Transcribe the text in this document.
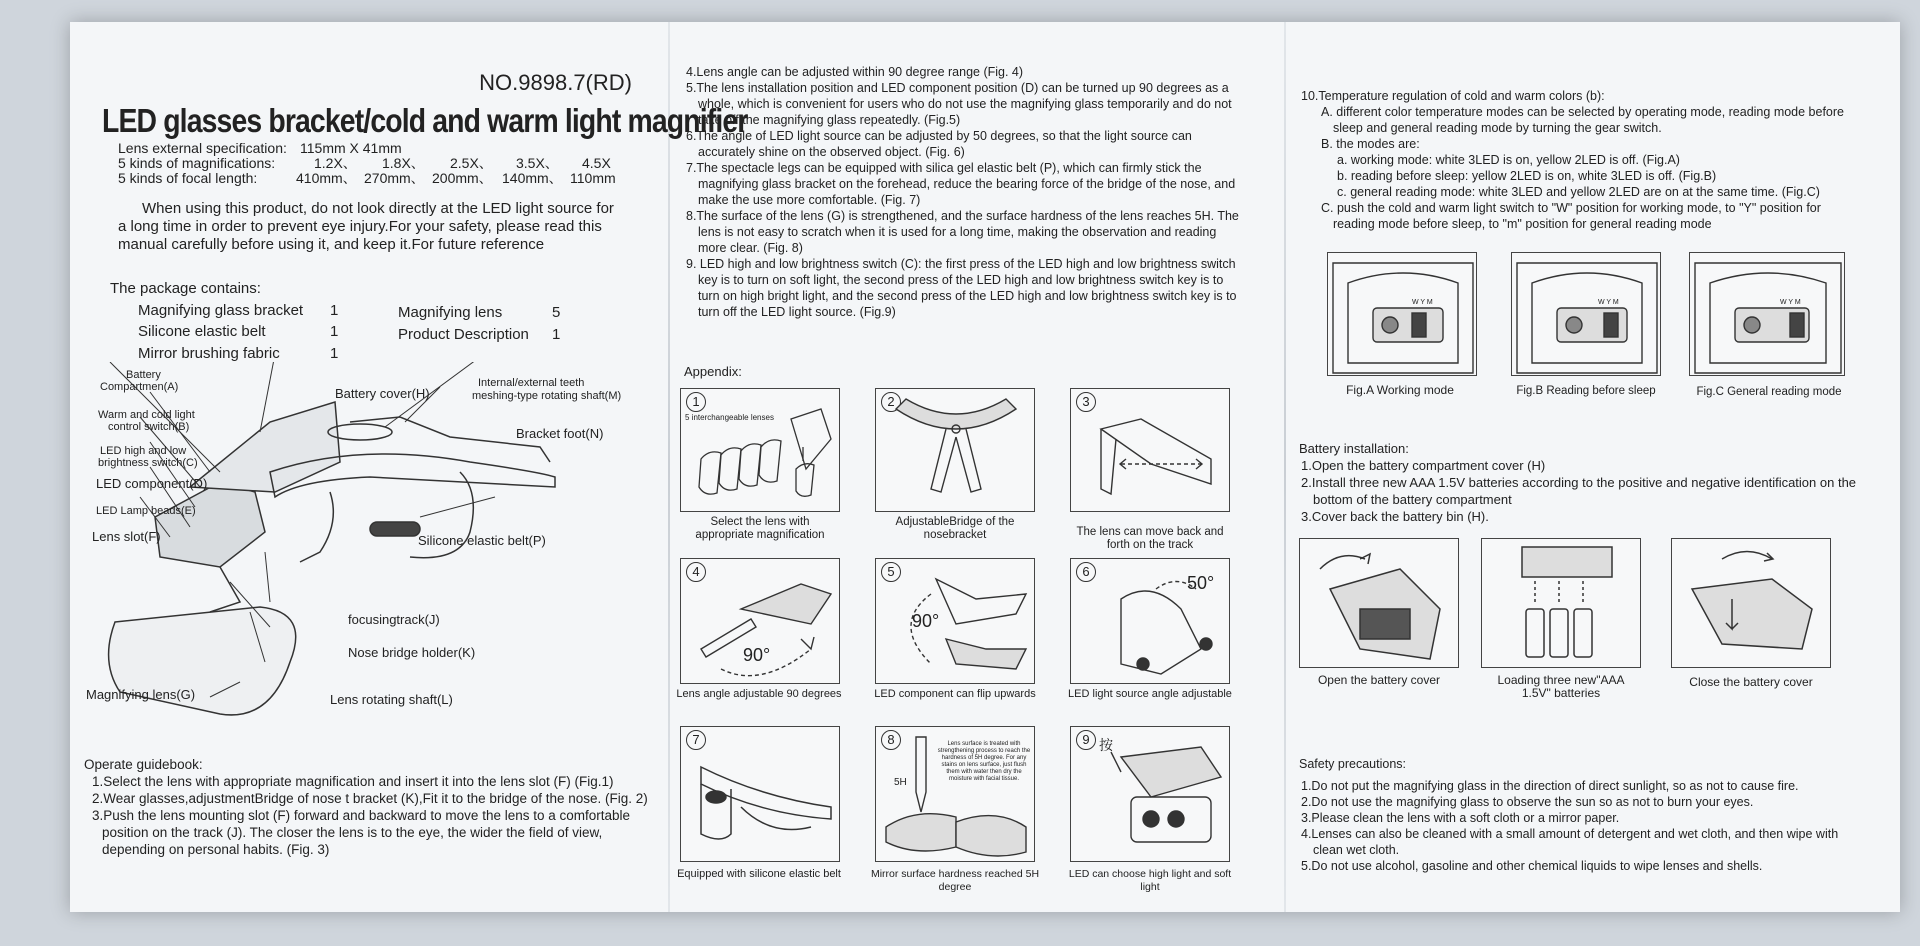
NO.9898.7(RD)
LED glasses bracket/cold and warm light magnifier
Lens external specification: 115mm X 41mm
5 kinds of magnifications:	1.2X、 1.8X、 2.5X、 3.5X、 4.5X
5 kinds of focal length:	410mm、 270mm、 200mm、 140mm、 110mm
When using this product, do not look directly at the LED light source for a long time in order to prevent eye injury.For your safety, please read this manual carefully before using it, and keep it.For future reference
The package contains:
Magnifying glass bracket 1
Silicone elastic belt	1
Mirror brushing fabric	1
Magnifying lens	5
Product Description 1
Battery
Compartmen(A)	Battery cover(H)
Internal/external teeth
meshing-type rotating shaft(M)
Warm and cold light
control switch(B)	Bracket foot(N)
LED high and low
brightness switch(C)
LED component(D)
LED Lamp beads(E)
Lens slot(F)	Silicone elastic belt(P)
focusingtrack(J)
Nose bridge holder(K)
Magnifying lens(G)	Lens rotating shaft(L)
Operate guidebook:
1.Select the lens with appropriate magnification and insert it into the lens slot (F) (Fig.1)
2.Wear glasses,adjustmentBridge of nose t bracket (K),Fit it to the bridge of the nose. (Fig. 2)
3.Push the lens mounting slot (F) forward and backward to move the lens to a comfortable position on the track (J). The closer the lens is to the eye, the wider the field of view, depending on personal habits. (Fig. 3)
4.Lens angle can be adjusted within 90 degree range (Fig. 4)
5.The lens installation position and LED component position (D) can be turned up 90 degrees as a whole, which is convenient for users who do not use the magnifying glass temporarily and do not take off the magnifying glass repeatedly. (Fig.5)
6.The angle of LED light source can be adjusted by 50 degrees, so that the light source can accurately shine on the observed object. (Fig. 6)
7.The spectacle legs can be equipped with silica gel elastic belt (P), which can firmly stick the magnifying glass bracket on the forehead, reduce the bearing force of the bridge of the nose, and make the use more comfortable. (Fig. 7)
8.The surface of the lens (G) is strengthened, and the surface hardness of the lens reaches 5H. The lens is not easy to scratch when it is used for a long time, making the observation and reading more clear. (Fig. 8)
9. LED high and low brightness switch (C): the first press of the LED high and low brightness switch key is to turn on soft light, the second press of the LED high and low brightness switch key is to turn on high bright light, and the second press of the LED high and low brightness switch key is to turn off the LED light source. (Fig.9)
Appendix:
1
5 interchangeable lenses
2	3
Select the lens with appropriate magnification
AdjustableBridge of the nosebracket	The lens can move back and forth on the track
4
90°
5
90°
6
50°
Lens angle adjustable 90 degrees	LED component can flip upwards	LED light source angle adjustable
7	8	Lens surface is treated with strengthening process to reach the hardness of 5H degree. For any stains on lens surface, just flush them with water then dry the moisture with facial tissue.
5H
9 按
Equipped with silicone elastic belt	Mirror surface hardness reached 5H degree
LED can choose high light and soft light
10.Temperature regulation of cold and warm colors (b):
A. different color temperature modes can be selected by operating mode, reading mode before sleep and general reading mode by turning the gear switch.
B. the modes are:
a. working mode: white 3LED is on, yellow 2LED is off. (Fig.A)
b. reading before sleep: yellow 2LED is on, white 3LED is off. (Fig.B)
c. general reading mode: white 3LED and yellow 2LED are on at the same time. (Fig.C)
C. push the cold and warm light switch to "W" position for working mode, to "Y" position for reading mode before sleep, to "m" position for general reading mode
W Y M	W Y M	W Y M
Fig.A Working mode	Fig.B Reading before sleep	Fig.C General reading mode
Battery installation:
1.Open the battery compartment cover (H)
2.Install three new AAA 1.5V batteries according to the positive and negative identification on the bottom of the battery compartment
3.Cover back the battery bin (H).
Open the battery cover	Loading three new"AAA 1.5V" batteries
Close the battery cover
Safety precautions:
1.Do not put the magnifying glass in the direction of direct sunlight, so as not to cause fire.
2.Do not use the magnifying glass to observe the sun so as not to burn your eyes.
3.Please clean the lens with a soft cloth or a mirror paper.
4.Lenses can also be cleaned with a small amount of detergent and wet cloth, and then wipe with clean wet cloth.
5.Do not use alcohol, gasoline and other chemical liquids to wipe lenses and shells.
